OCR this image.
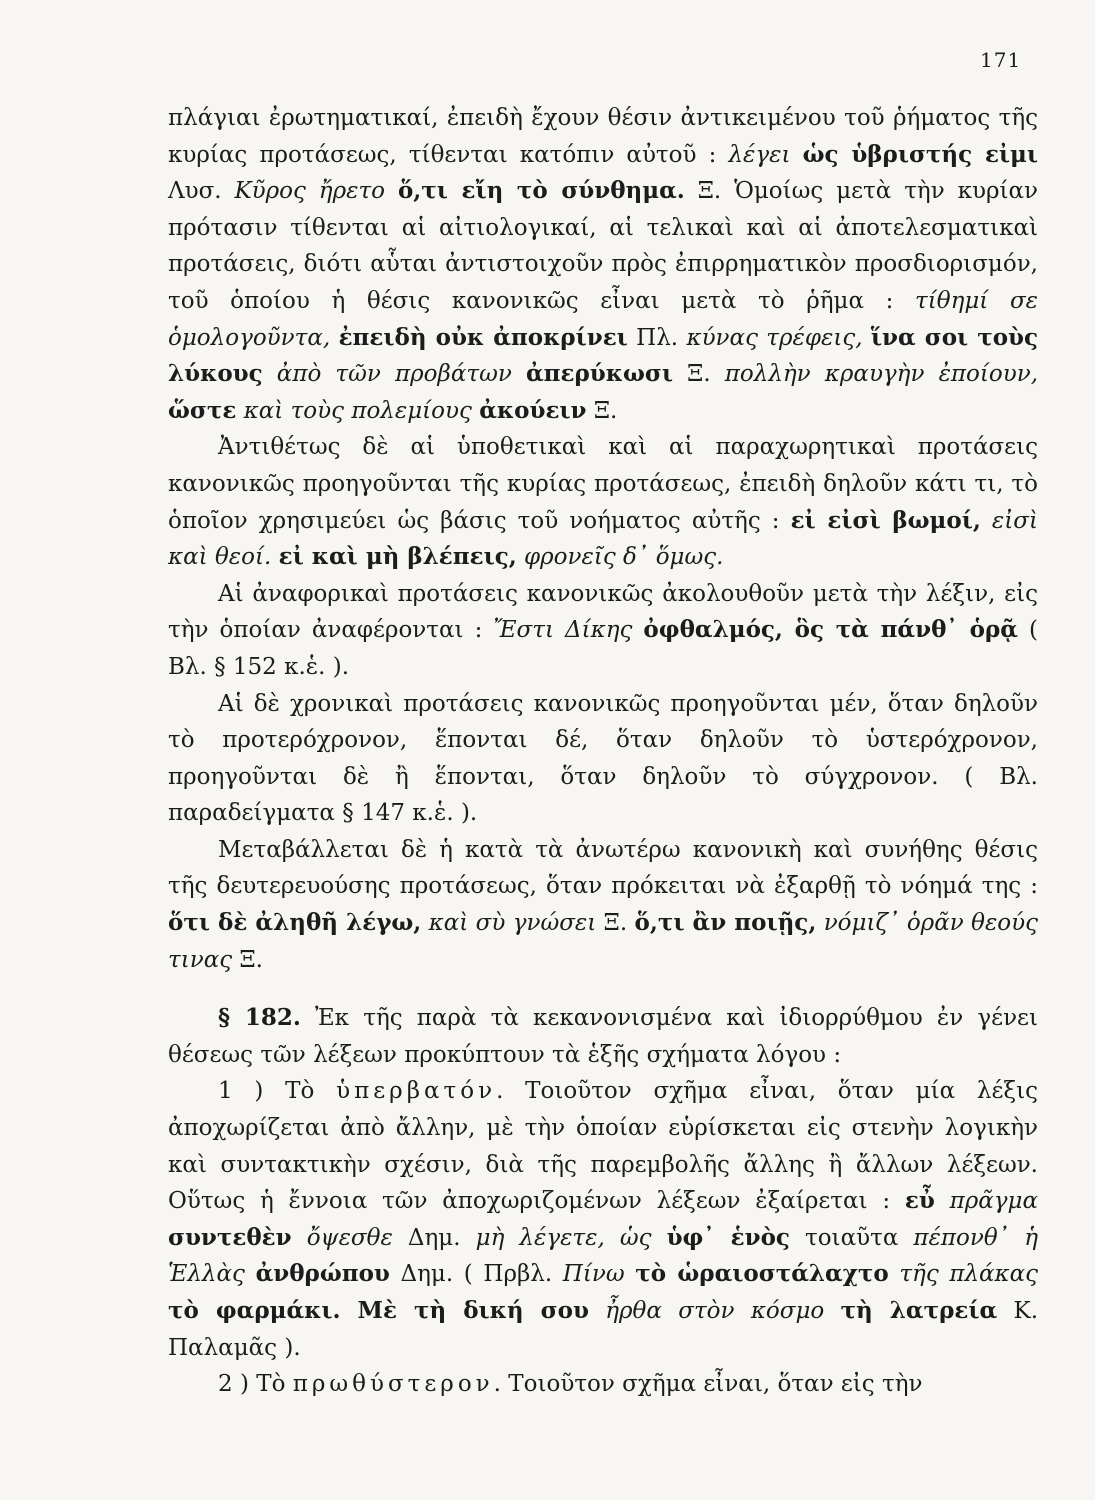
171

πλάγιαι ἐρωτηματικαί, ἐπειδὴ ἔχουν θέσιν ἀντικειμένου τοῦ ῥήματος τῆς κυρίας προτάσεως, τίθενται κατόπιν αὐτοῦ : λέγει ὡς ὑβριστής εἰμι Λυσ. Κῦρος ἤρετο ὅ,τι εἴη τὸ σύνθημα. Ξ. Ὁμοίως μετὰ τὴν κυρίαν πρότασιν τίθενται αἱ αἰτιολογικαί, αἱ τελικαὶ καὶ αἱ ἀποτελεσματικαὶ προτάσεις, διότι αὗται ἀντιστοιχοῦν πρὸς ἐπιρρηματικὸν προσδιορισμόν, τοῦ ὁποίου ἡ θέσις κανονικῶς εἶναι μετὰ τὸ ῥῆμα : τίθημί σε ὁμολογοῦντα, ἐπειδὴ οὐκ ἀποκρίνει Πλ. κύνας τρέφεις, ἵνα σοι τοὺς λύκους ἀπὸ τῶν προβάτων ἀπερύκωσι Ξ. πολλὴν κραυγὴν ἐποίουν, ὥστε καὶ τοὺς πολεμίους ἀκούειν Ξ.

Ἀντιθέτως δὲ αἱ ὑποθετικαὶ καὶ αἱ παραχωρητικαὶ προτάσεις κανονικῶς προηγοῦνται τῆς κυρίας προτάσεως, ἐπειδὴ δηλοῦν κάτι τι, τὸ ὁποῖον χρησιμεύει ὡς βάσις τοῦ νοήματος αὐτῆς : εἰ εἰσὶ βωμοί, εἰσὶ καὶ θεοί. εἰ καὶ μὴ βλέπεις, φρονεῖς δ᾽ ὅμως.

Αἱ ἀναφορικαὶ προτάσεις κανονικῶς ἀκολουθοῦν μετὰ τὴν λέξιν, εἰς τὴν ὁποίαν ἀναφέρονται : Ἔστι Δίκης ὀφθαλμός, ὃς τὰ πάνθ᾽ ὁρᾷ ( Βλ. § 152 κ.ἑ. ).

Αἱ δὲ χρονικαὶ προτάσεις κανονικῶς προηγοῦνται μέν, ὅταν δηλοῦν τὸ προτερόχρονον, ἕπονται δέ, ὅταν δηλοῦν τὸ ὑστερόχρονον, προηγοῦνται δὲ ἢ ἕπονται, ὅταν δηλοῦν τὸ σύγχρονον. ( Βλ. παραδείγματα § 147 κ.ἑ. ).

Μεταβάλλεται δὲ ἡ κατὰ τὰ ἀνωτέρω κανονικὴ καὶ συνήθης θέσις τῆς δευτερευούσης προτάσεως, ὅταν πρόκειται νὰ ἐξαρθῇ τὸ νόημά της : ὅτι δὲ ἀληθῆ λέγω, καὶ σὺ γνώσει Ξ. ὅ,τι ἂν ποιῇς, νόμιζ᾽ ὁρᾶν θεούς τινας Ξ.

§ 182. Ἐκ τῆς παρὰ τὰ κεκανονισμένα καὶ ἰδιορρύθμου ἐν γένει θέσεως τῶν λέξεων προκύπτουν τὰ ἑξῆς σχήματα λόγου :

1 ) Τὸ ὑπερβατόν. Τοιοῦτον σχῆμα εἶναι, ὅταν μία λέξις ἀποχωρίζεται ἀπὸ ἄλλην, μὲ τὴν ὁποίαν εὑρίσκεται εἰς στενὴν λογικὴν καὶ συντακτικὴν σχέσιν, διὰ τῆς παρεμβολῆς ἄλλης ἢ ἄλλων λέξεων. Οὕτως ἡ ἔννοια τῶν ἀποχωριζομένων λέξεων ἐξαίρεται : εὖ πρᾶγμα συντεθὲν ὄψεσθε Δημ. μὴ λέγετε, ὡς ὑφ᾽ ἑνὸς τοιαῦτα πέπονθ᾽ ἡ Ἑλλὰς ἀνθρώπου Δημ. ( Πρβλ. Πίνω τὸ ὡραιοστάλαχτο τῆς πλάκας τὸ φαρμάκι. Μὲ τὴ δική σου ἦρθα στὸν κόσμο τὴ λατρεία Κ. Παλαμᾶς ).

2 ) Τὸ πρωθύστερον. Τοιοῦτον σχῆμα εἶναι, ὅταν εἰς τὴν
